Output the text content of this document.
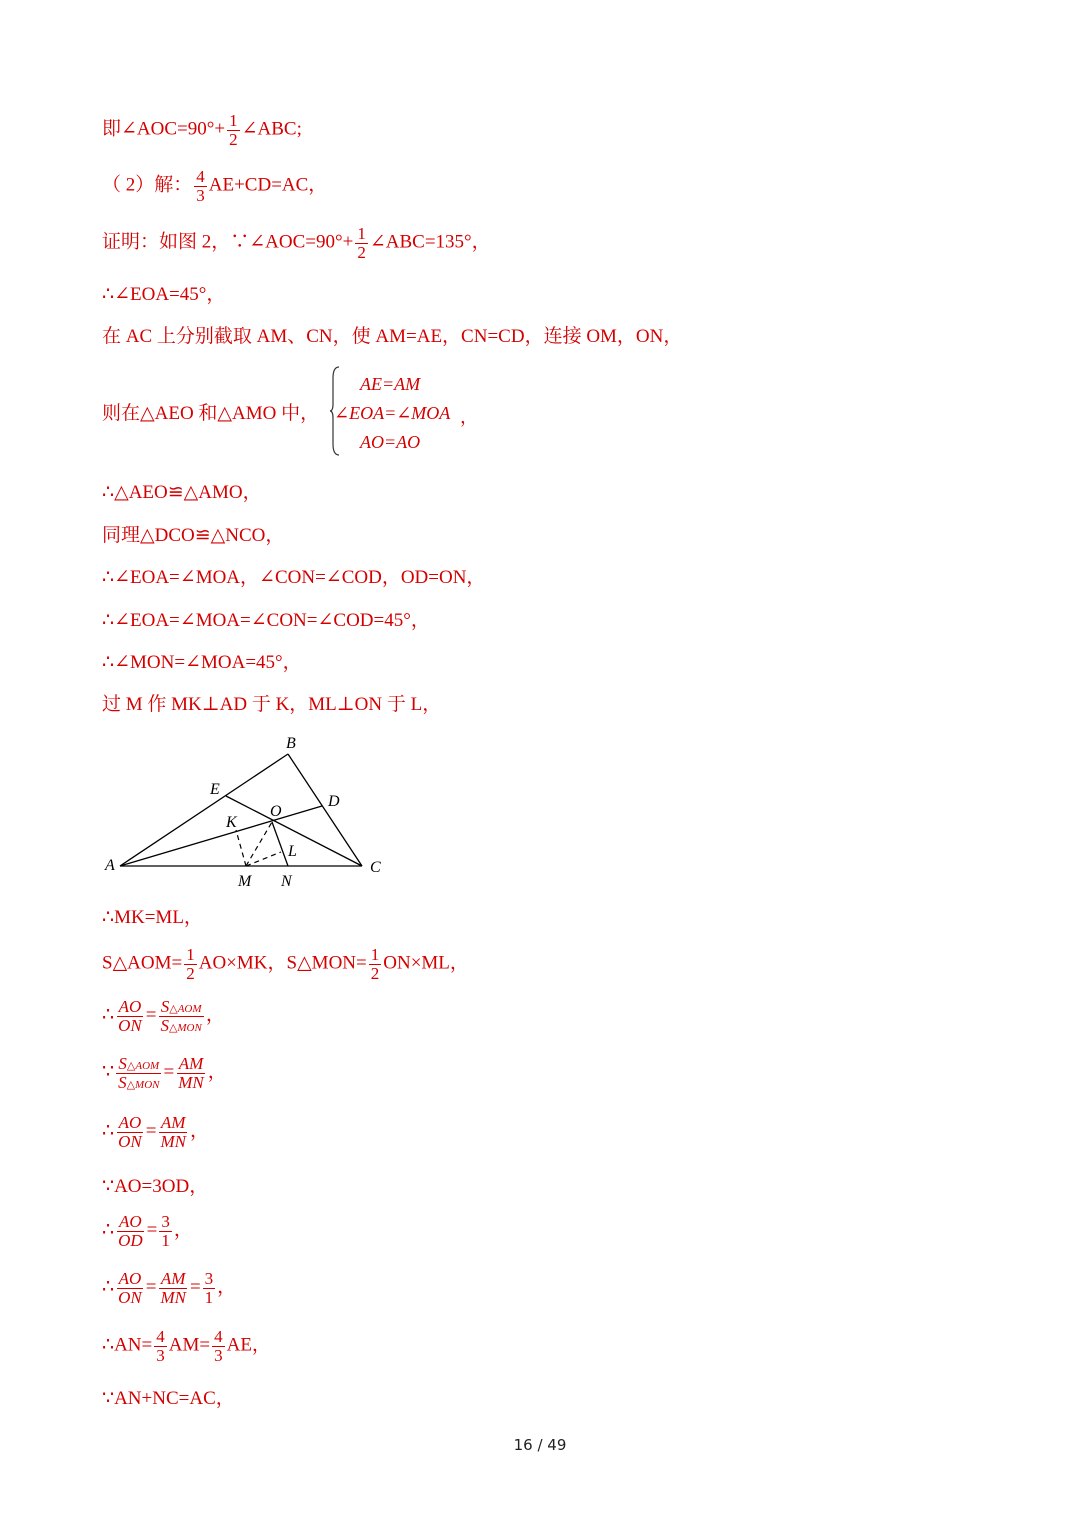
即∠AOC=90°+ $\frac{1}{2}$ ∠ABC;
（ 2）解： $\frac{4}{3} AE+CD=AC$，
证明：如图 2，∵∠AOC=90°+ $\frac{1}{2}$ ∠ABC=135°，
∴∠EOA=45°，
在 AC 上分别截取 AM、CN，使 AM=AE，CN=CD，连接 OM，ON，
则在△AEO 和△AMO 中，
AE=AM
∠EOA=∠MOA
AO=AO
，
∴△AEO≌△AMO，
同理△DCO≌△NCO，
∴∠EOA=∠MOA，∠CON=∠COD，OD=ON，
∴∠EOA=∠MOA=∠CON=∠COD=45°，
∴∠MON=∠MOA=45°，
过 M 作 MK⊥AD 于 K，ML⊥ON 于 L，
A
B
C
D
E
O
K
L
M N
∴MK=ML，
S△AOM= $\frac{1}{2} AO\times MK$，S△MON= $\frac{1}{2} ON\times ML$，
∴ $\frac{AO}{ON} = \frac{\text{S△AOM}}{\text{S△MON}}$ ，
∵ $\frac{\text{S△AOM}}{\text{S△MON}} = \frac{AM}{MN}$ ，
∴ $\frac{AO}{ON} = \frac{AM}{MN}$ ，
∵AO=3OD，
∴ $\frac{AO}{OD} = \frac{3}{1}$ ，
∴ $\frac{AO}{ON} = \frac{AM}{MN} = \frac{3}{1}$ ，
∴AN= $\frac{4}{3} AM= \frac{4}{3}$ AE，
∵AN+NC=AC，
16 / 49
